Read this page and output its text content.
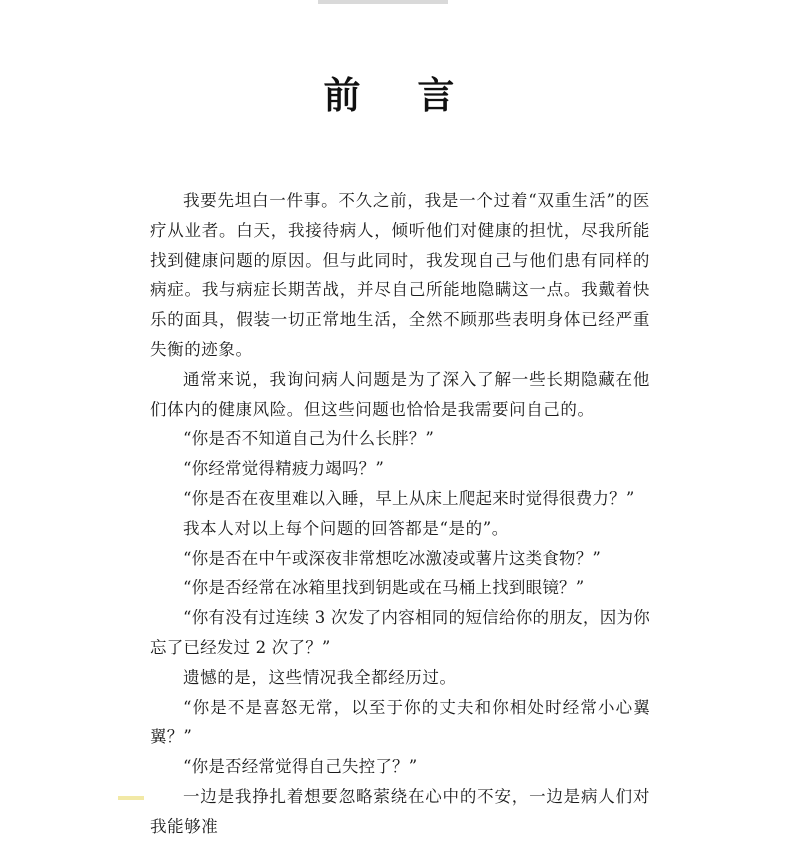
前 言

我要先坦白一件事。不久之前，我是一个过着“双重生活”的医疗从业者。白天，我接待病人，倾听他们对健康的担忧，尽我所能找到健康问题的原因。但与此同时，我发现自己与他们患有同样的病症。我与病症长期苦战，并尽自己所能地隐瞒这一点。我戴着快乐的面具，假装一切正常地生活，全然不顾那些表明身体已经严重失衡的迹象。

通常来说，我询问病人问题是为了深入了解一些长期隐藏在他们体内的健康风险。但这些问题也恰恰是我需要问自己的。

“你是否不知道自己为什么长胖？”

“你经常觉得精疲力竭吗？”

“你是否在夜里难以入睡，早上从床上爬起来时觉得很费力？”

我本人对以上每个问题的回答都是“是的”。

“你是否在中午或深夜非常想吃冰激凌或薯片这类食物？”

“你是否经常在冰箱里找到钥匙或在马桶上找到眼镜？”

“你有没有过连续 3 次发了内容相同的短信给你的朋友，因为你忘了已经发过 2 次了？”

遗憾的是，这些情况我全都经历过。

“你是不是喜怒无常，以至于你的丈夫和你相处时经常小心翼翼？”

“你是否经常觉得自己失控了？”

一边是我挣扎着想要忽略萦绕在心中的不安，一边是病人们对我能够准
